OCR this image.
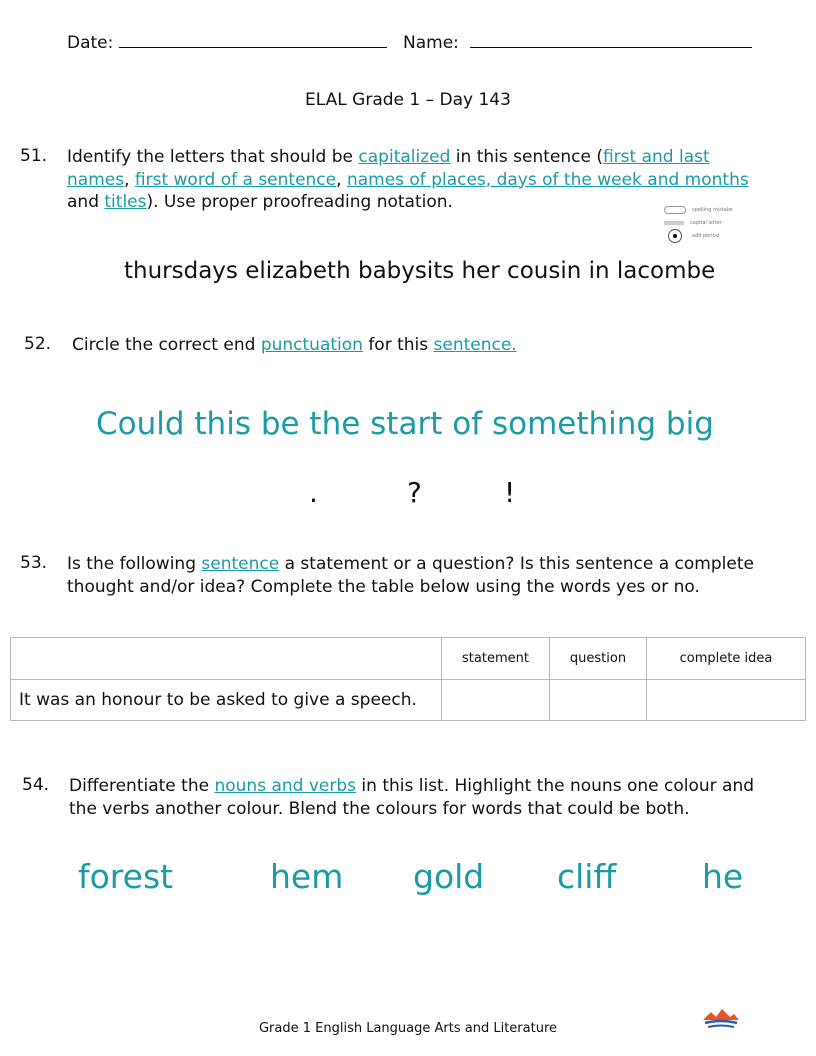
Date:	Name:
ELAL Grade 1 – Day 143
51. Identify the letters that should be capitalized in this sentence (first and last
names, first word of a sentence, names of places, days of the week and months
and titles). Use proper proofreading notation.	spelling mistake
capital letter
add period
thursdays elizabeth babysits her cousin in lacombe
52. Circle the correct end punctuation for this sentence.
Could this be the start of something big
.	?	!
53. Is the following sentence a statement or a question? Is this sentence a complete
thought and/or idea? Complete the table below using the words yes or no.
	statement	question	complete idea
It was an honour to be asked to give a speech.			
54. Differentiate the nouns and verbs in this list. Highlight the nouns one colour and
the verbs another colour. Blend the colours for words that could be both.
forest	hem gold cliff	he
Grade 1 English Language Arts and Literature
